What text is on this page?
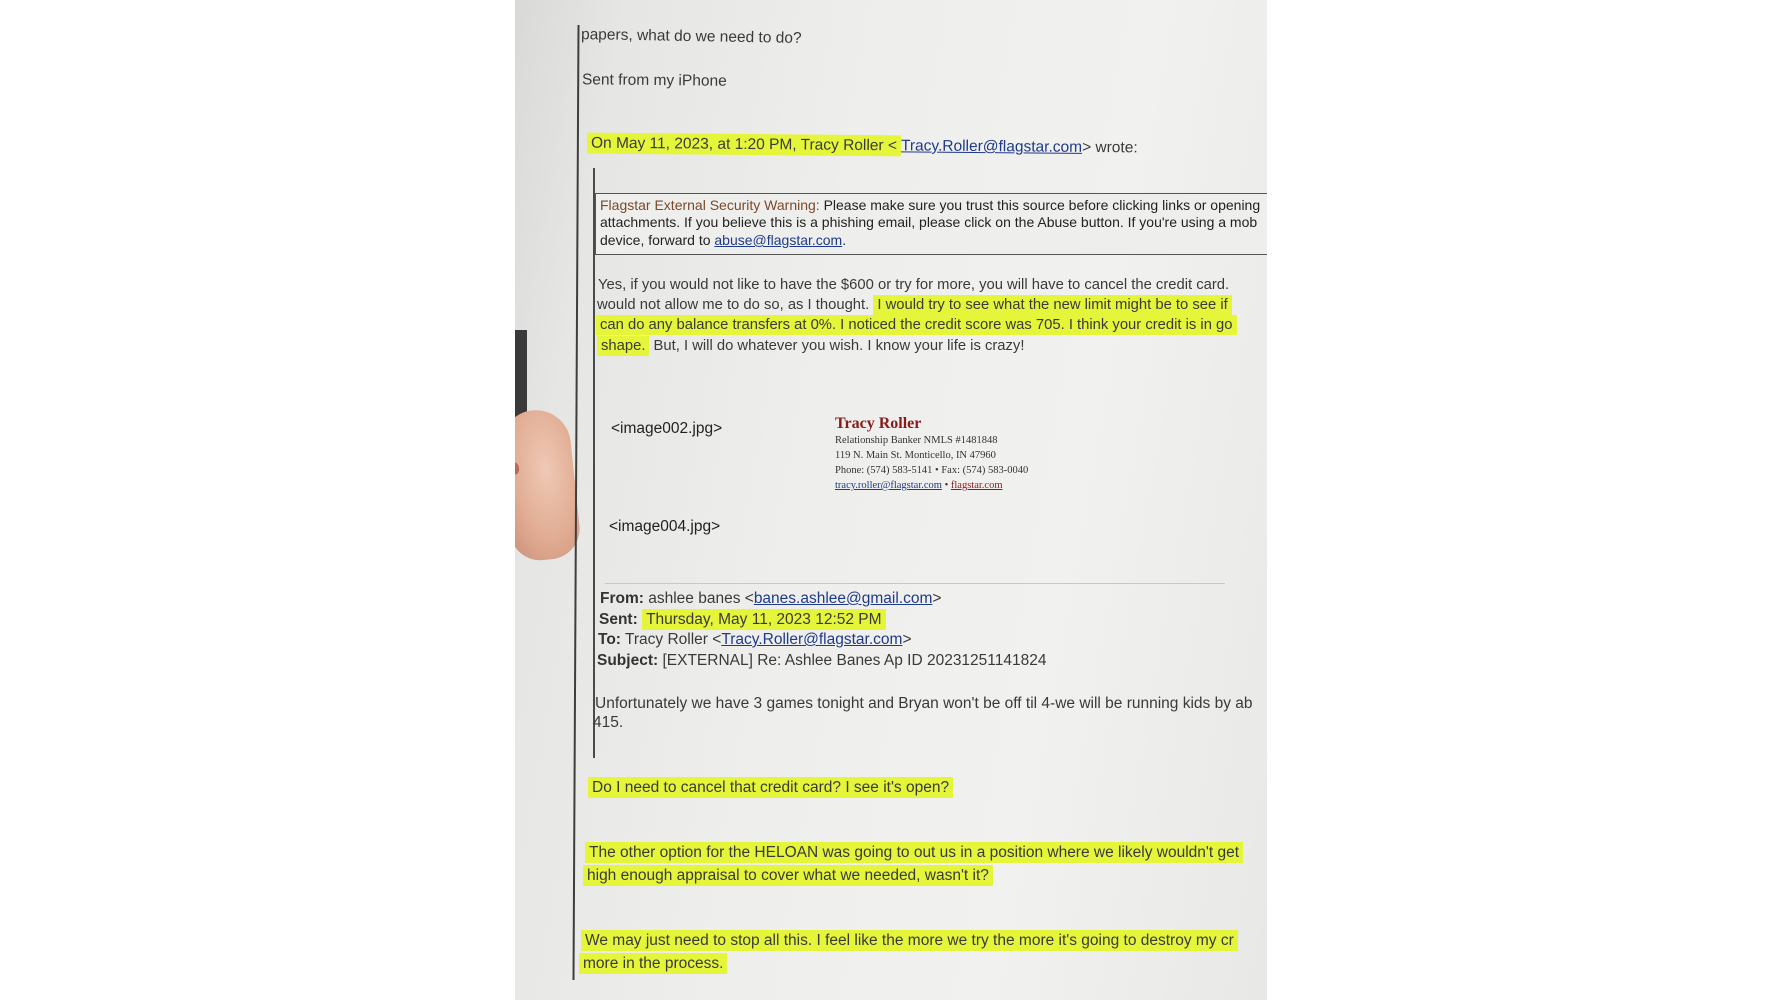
papers, what do we need to do?
Sent from my iPhone
On May 11, 2023, at 1:20 PM, Tracy Roller < Tracy.Roller@flagstar.com> wrote:
Flagstar External Security Warning: Please make sure you trust this source before clicking links or opening
attachments. If you believe this is a phishing email, please click on the Abuse button. If you're using a mob
device, forward to abuse@flagstar.com.
Yes, if you would not like to have the $600 or try for more, you will have to cancel the credit card.
would not allow me to do so, as I thought. I would try to see what the new limit might be to see if
can do any balance transfers at 0%. I noticed the credit score was 705. I think your credit is in go
shape. But, I will do whatever you wish. I know your life is crazy!
<image002.jpg>
<image004.jpg>
Tracy Roller
Relationship Banker NMLS #1481848
119 N. Main St. Monticello, IN 47960
Phone: (574) 583-5141 • Fax: (574) 583-0040
tracy.roller@flagstar.com • flagstar.com
From: ashlee banes <banes.ashlee@gmail.com>
Sent: Thursday, May 11, 2023 12:52 PM
To: Tracy Roller <Tracy.Roller@flagstar.com>
Subject: [EXTERNAL] Re: Ashlee Banes Ap ID 20231251141824
Unfortunately we have 3 games tonight and Bryan won't be off til 4-we will be running kids by ab
415.
Do I need to cancel that credit card? I see it's open?
The other option for the HELOAN was going to out us in a position where we likely wouldn't get
high enough appraisal to cover what we needed, wasn't it?
We may just need to stop all this. I feel like the more we try the more it's going to destroy my cr
more in the process.
